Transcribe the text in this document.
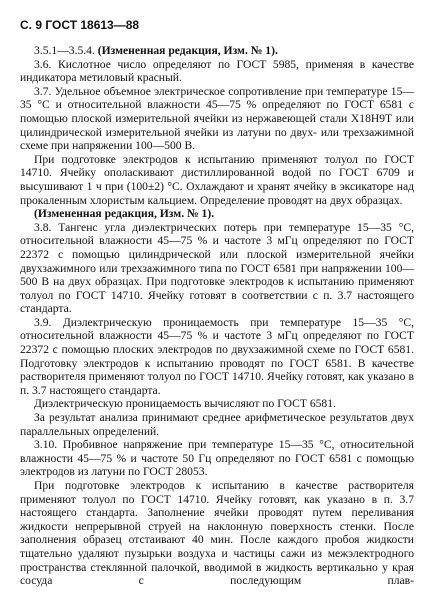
С. 9 ГОСТ 18613—88

3.5.1—3.5.4. (Измененная редакция, Изм. № 1).

3.6. Кислотное число определяют по ГОСТ 5985, применяя в качестве индикатора метиловый красный.

3.7. Удельное объемное электрическое сопротивление при температуре 15—35 °С и относительной влажности 45—75 % определяют по ГОСТ 6581 с помощью плоской измерительной ячейки из нержавеющей стали Х18Н9Т или цилиндрической измерительной ячейки из латуни по двух- или трехзажимной схеме при напряжении 100—500 В.

При подготовке электродов к испытанию применяют толуол по ГОСТ 14710. Ячейку ополаскивают дистиллированной водой по ГОСТ 6709 и высушивают 1 ч при (100±2) °С. Охлаждают и хранят ячейку в эксикаторе над прокаленным хлористым кальцием. Определение проводят на двух образцах.

(Измененная редакция, Изм. № 1).

3.8. Тангенс угла диэлектрических потерь при температуре 15—35 °С, относительной влажности 45—75 % и частоте 3 мГц определяют по ГОСТ 22372 с помощью цилиндрической или плоской измерительной ячейки двухзажимного или трехзажимного типа по ГОСТ 6581 при напряжении 100—500 В на двух образцах. При подготовке электродов к испытанию применяют толуол по ГОСТ 14710. Ячейку готовят в соответствии с п. 3.7 настоящего стандарта.

3.9. Диэлектрическую проницаемость при температуре 15—35 °С, относительной влажности 45—75 % и частоте 3 мГц определяют по ГОСТ 22372 с помощью плоских электродов по двухзажимной схеме по ГОСТ 6581. Подготовку электродов к испытанию проводят по ГОСТ 6581. В качестве растворителя применяют толуол по ГОСТ 14710. Ячейку готовят, как указано в п. 3.7 настоящего стандарта.

Диэлектрическую проницаемость вычисляют по ГОСТ 6581.

За результат анализа принимают среднее арифметическое результатов двух параллельных определений.

3.10. Пробивное напряжение при температуре 15—35 °С, относительной влажности 45—75 % и частоте 50 Гц определяют по ГОСТ 6581 с помощью электродов из латуни по ГОСТ 28053.

При подготовке электродов к испытанию в качестве растворителя применяют толуол по ГОСТ 14710. Ячейку готовят, как указано в п. 3.7 настоящего стандарта. Заполнение ячейки проводят путем переливания жидкости непрерывной струей на наклонную поверхность стенки. После заполнения образец отстаивают 40 мин. После каждого пробоя жидкости тщательно удаляют пузырьки воздуха и частицы сажи из межэлектродного пространства стеклянной палочкой, вводимой в жидкость вертикально у края сосуда с последующим плав-
